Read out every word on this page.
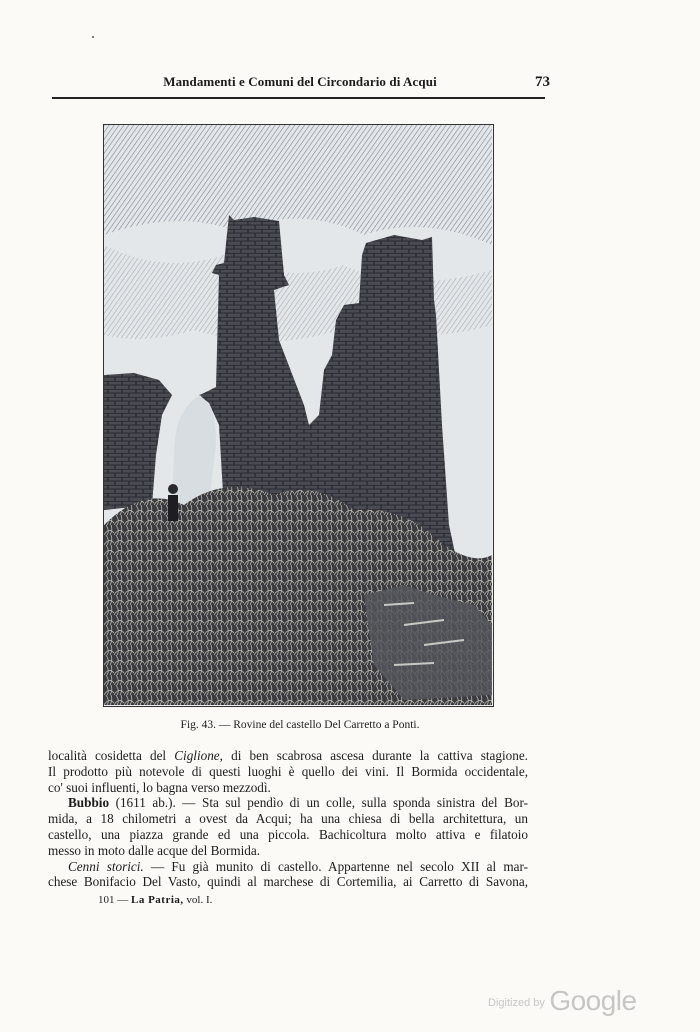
Mandamenti e Comuni del Circondario di Acqui	73
Fig. 43. — Rovine del castello Del Carretto a Ponti.
località cosidetta del Ciglione, di ben scabrosa ascesa durante la cattiva stagione.
Il prodotto più notevole di questi luoghi è quello dei vini. Il Bormida occidentale,
co' suoi influenti, lo bagna verso mezzodì.
Bubbio (1611 ab.). — Sta sul pendìo di un colle, sulla sponda sinistra del Bor-
mida, a 18 chilometri a ovest da Acqui; ha una chiesa di bella architettura, un
castello, una piazza grande ed una piccola. Bachicoltura molto attiva e filatoio
messo in moto dalle acque del Bormida.
Cenni storici. — Fu già munito di castello. Appartenne nel secolo XII al mar-
chese Bonifacio Del Vasto, quindi al marchese di Cortemilia, ai Carretto di Savona,
101 — La Patria, vol. I.
$^{Digitized by}$ Google
